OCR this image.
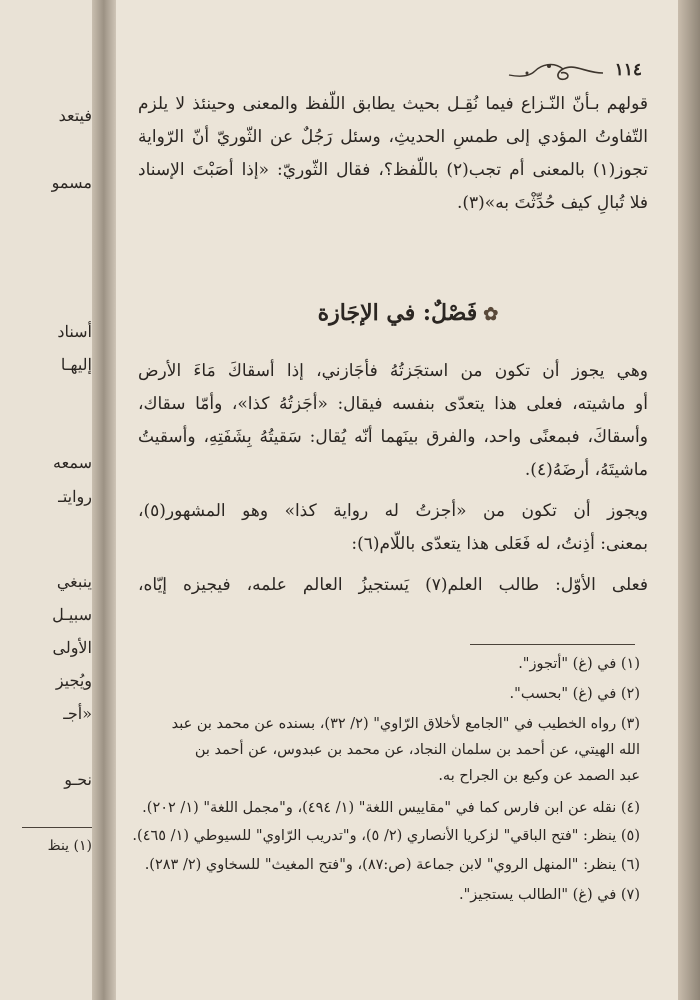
فيتعد
مسمو
أسناد
إليهـا
سمعه
روايتـ
ينبغي
سبيـل
الأولى
ويُجيز
«أجـ
نحـو
(١) ينظ
١١٤
قولهم بـأنّ النّـزاع فيما نُقِـل بحيث يطابق اللّفظ والمعنى وحينئذ لا يلزم
التّفاوتُ المؤدي إلى طمسِ الحديثِ، وسئل رَجُلٌ عن الثّوريّ أنّ الرّواية
تجوز(١) بالمعنى أم تجب(٢) باللّفظ؟، فقال الثّوريّ: «إذا أصَبْتَ الإسناد
فلا تُبالِ كيف حُدِّثْتَ به»(٣).
✿فَصْلٌ: في الإجَازة
وهي يجوز أن تكون من استجَزتُهُ فأجَازني، إذا أسقاكَ مَاءَ الأرض
أو ماشيته، فعلى هذا يتعدّى بنفسه فيقال: «أجَزتُهُ كذا»، وأمّا سقاك،
وأسقاكَ، فبمعنًى واحد، والفرق بينَهما أنّه يُقال: سَقيتُهُ بِشَفَتِهِ، وأسقيتُ
ماشيتَهُ، أرضَهُ(٤).
ويجوز أن تكون من «أجزتُ له رواية كذا» وهو المشهور(٥)،
بمعنى: أذِنتُ، له فَعَلى هذا يتعدّى باللّام(٦):
فعلى الأوّل: طالب العلم(٧) يَستجيزُ العالم علمه، فيجيزه إيّاه،
(١) في (غ) "أتجوز".
(٢) في (غ) "بحسب".
(٣) رواه الخطيب في "الجامع لأخلاق الرّاوي" (٢/ ٣٢)، بسنده عن محمد بن عبد
الله الهيتي، عن أحمد بن سلمان النجاد، عن محمد بن عبدوس، عن أحمد بن
عبد الصمد عن وكيع بن الجراح به.
(٤) نقله عن ابن فارس كما في "مقاييس اللغة" (١/ ٤٩٤)، و"مجمل اللغة" (١/ ٢٠٢).
(٥) ينظر: "فتح الباقي" لزكريا الأنصاري (٢/ ٥)، و"تدريب الرّاوي" للسيوطي (١/ ٤٦٥).
(٦) ينظر: "المنهل الروي" لابن جماعة (ص:٨٧)، و"فتح المغيث" للسخاوي (٢/ ٢٨٣).
(٧) في (غ) "الطالب يستجيز".
